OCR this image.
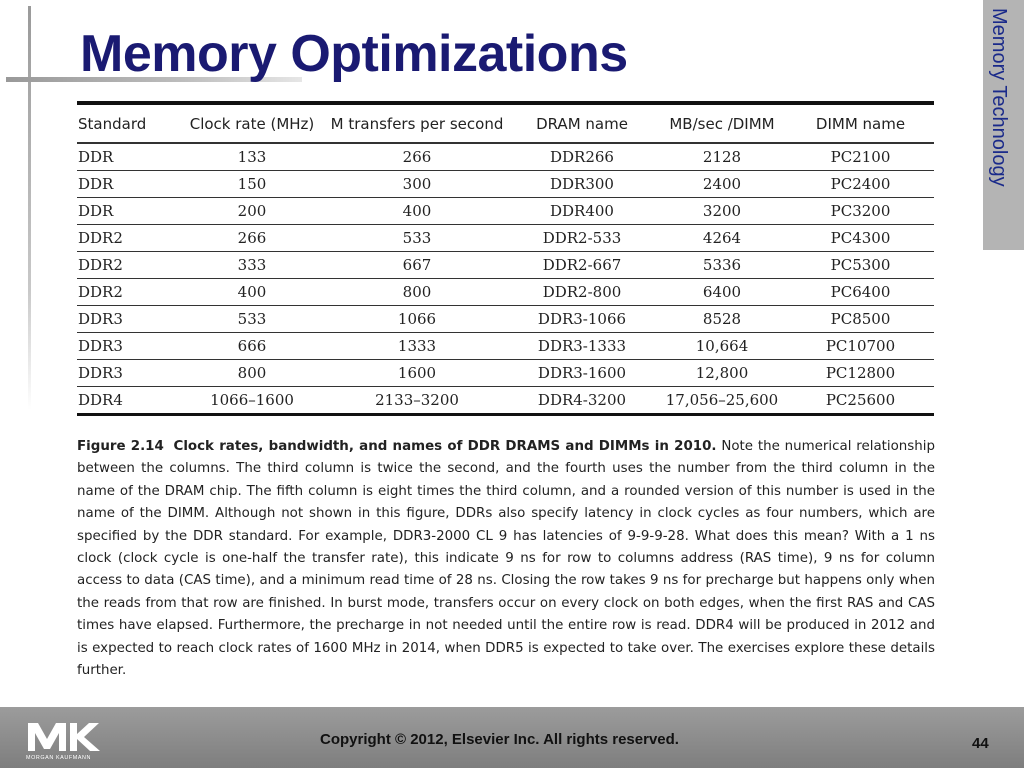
Memory Optimizations	Memory Technology
Standard	Clock rate (MHz)	M transfers per second	DRAM name	MB/sec /DIMM	DIMM name
DDR	133	266	DDR266	2128	PC2100
DDR	150	300	DDR300	2400	PC2400
DDR	200	400	DDR400	3200	PC3200
DDR2	266	533	DDR2-533	4264	PC4300
DDR2	333	667	DDR2-667	5336	PC5300
DDR2	400	800	DDR2-800	6400	PC6400
DDR3	533	1066	DDR3-1066	8528	PC8500
DDR3	666	1333	DDR3-1333	10,664	PC10700
DDR3	800	1600	DDR3-1600	12,800	PC12800
DDR4	1066–1600	2133–3200	DDR4-3200	17,056–25,600	PC25600

Figure 2.14 Clock rates, bandwidth, and names of DDR DRAMS and DIMMs in 2010. Note the numerical relationship between the columns. The third column is twice the second, and the fourth uses the number from the third column in the name of the DRAM chip. The fifth column is eight times the third column, and a rounded version of this number is used in the name of the DIMM. Although not shown in this figure, DDRs also specify latency in clock cycles as four numbers, which are specified by the DDR standard. For example, DDR3-2000 CL 9 has latencies of 9-9-9-28. What does this mean? With a 1 ns clock (clock cycle is one-half the transfer rate), this indicate 9 ns for row to columns address (RAS time), 9 ns for column access to data (CAS time), and a minimum read time of 28 ns. Closing the row takes 9 ns for precharge but happens only when the reads from that row are finished. In burst mode, transfers occur on every clock on both edges, when the first RAS and CAS times have elapsed. Furthermore, the precharge in not needed until the entire row is read. DDR4 will be produced in 2012 and is expected to reach clock rates of 1600 MHz in 2014, when DDR5 is expected to take over. The exercises explore these details further.

MORGAN KAUFMANN
Copyright © 2012, Elsevier Inc. All rights reserved.	44
